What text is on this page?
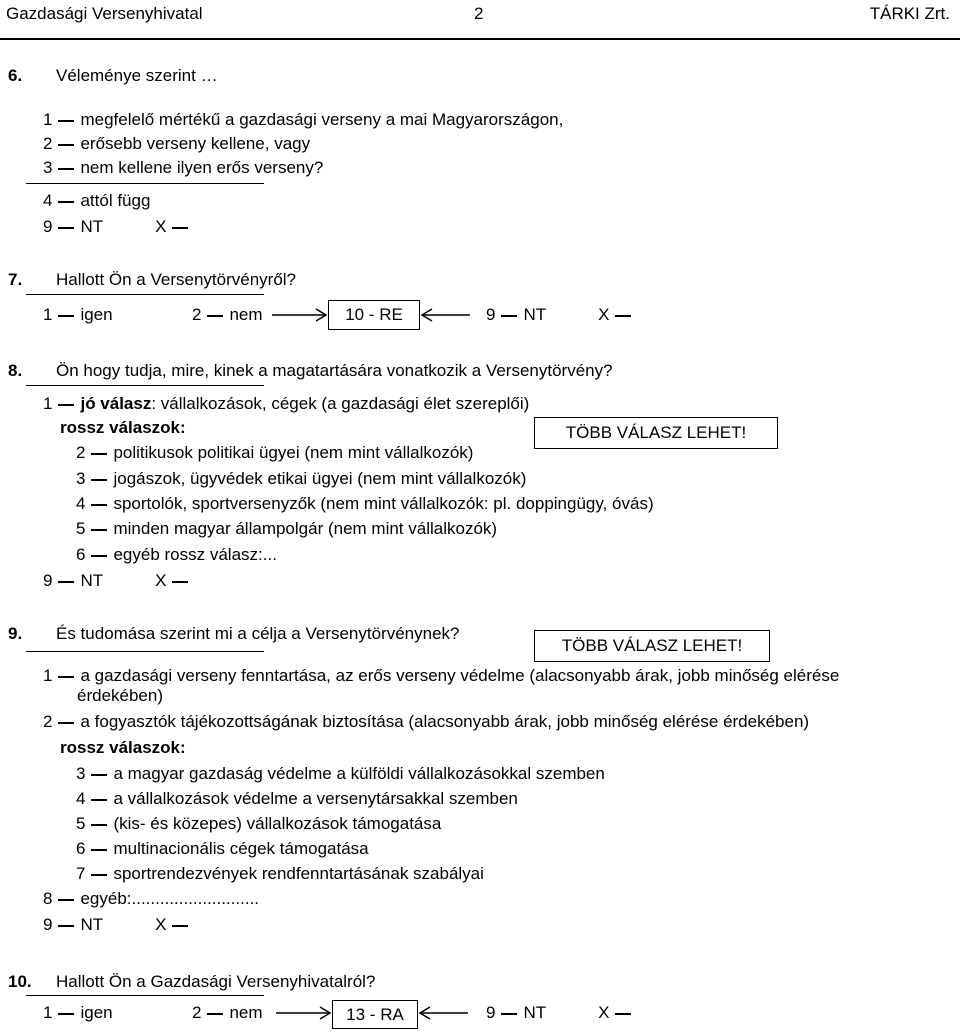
Gazdasági Versenyhivatal	2	TÁRKI Zrt.
6. Véleménye szerint …
1 megfelelő mértékű a gazdasági verseny a mai Magyarországon,
2 erősebb verseny kellene, vagy
3 nem kellene ilyen erős verseny?
4 attól függ
9 NT	X
7. Hallott Ön a Versenytörvényről?
1 igen	2 nem	10 - RE	9 NT	X
8. Ön hogy tudja, mire, kinek a magatartására vonatkozik a Versenytörvény?
1 jó válasz: vállalkozások, cégek (a gazdasági élet szereplői)
rossz válaszok:	TÖBB VÁLASZ LEHET!
2 politikusok politikai ügyei (nem mint vállalkozók)
3 jogászok, ügyvédek etikai ügyei (nem mint vállalkozók)
4 sportolók, sportversenyzők (nem mint vállalkozók: pl. doppingügy, óvás)
5 minden magyar állampolgár (nem mint vállalkozók)
6 egyéb rossz válasz:...
9 NT	X
9. És tudomása szerint mi a célja a Versenytörvénynek?
TÖBB VÁLASZ LEHET!
1 a gazdasági verseny fenntartása, az erős verseny védelme (alacsonyabb árak, jobb minőség elérése
érdekében)
2 a fogyasztók tájékozottságának biztosítása (alacsonyabb árak, jobb minőség elérése érdekében)
rossz válaszok:
3 a magyar gazdaság védelme a külföldi vállalkozásokkal szemben
4 a vállalkozások védelme a versenytársakkal szemben
5 (kis- és közepes) vállalkozások támogatása
6 multinacionális cégek támogatása
7 sportrendezvények rendfenntartásának szabályai
8 egyéb:...........................
9 NT	X
10. Hallott Ön a Gazdasági Versenyhivatalról?
1 igen	2 nem	13 - RA	9 NT	X
